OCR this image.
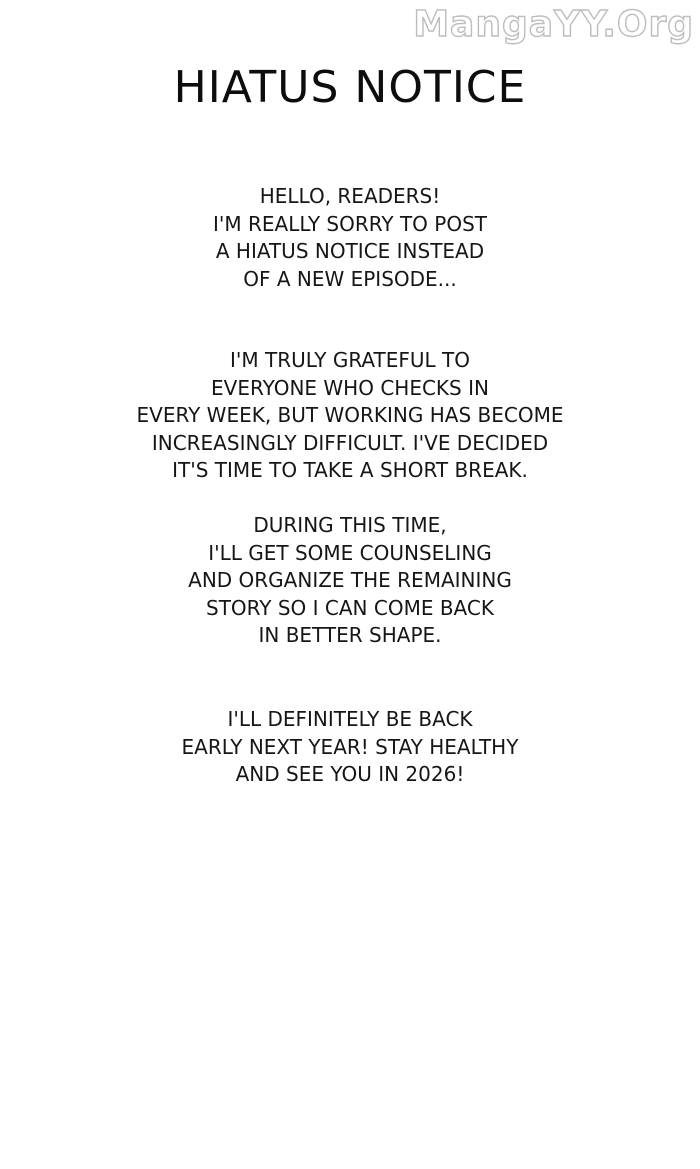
MangaYY.Org
HIATUS NOTICE
HELLO, READERS!
I'M REALLY SORRY TO POST
A HIATUS NOTICE INSTEAD
OF A NEW EPISODE...
I'M TRULY GRATEFUL TO
EVERYONE WHO CHECKS IN
EVERY WEEK, BUT WORKING HAS BECOME
INCREASINGLY DIFFICULT. I'VE DECIDED
IT'S TIME TO TAKE A SHORT BREAK.
DURING THIS TIME,
I'LL GET SOME COUNSELING
AND ORGANIZE THE REMAINING
STORY SO I CAN COME BACK
IN BETTER SHAPE.
I'LL DEFINITELY BE BACK
EARLY NEXT YEAR! STAY HEALTHY
AND SEE YOU IN 2026!
